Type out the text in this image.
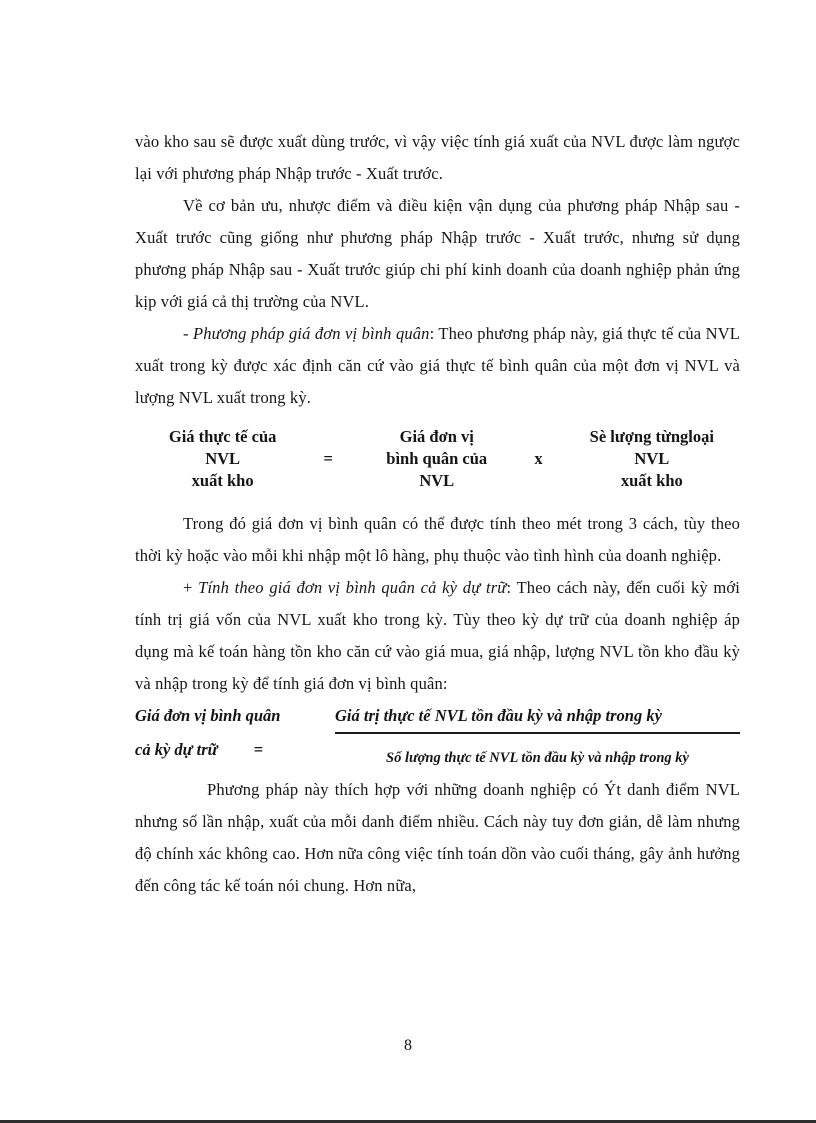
vào kho sau sẽ được xuất dùng trước, vì vậy việc tính giá xuất của NVL được làm ngược lại với phương pháp Nhập trước - Xuất trước.

Về cơ bản ưu, nhược điểm và điều kiện vận dụng của phương pháp Nhập sau - Xuất trước cũng giống như phương pháp Nhập trước - Xuất trước, nhưng sử dụng phương pháp Nhập sau - Xuất trước giúp chi phí kinh doanh của doanh nghiệp phản ứng kịp với giá cả thị trường của NVL.

- Phương pháp giá đơn vị bình quân: Theo phương pháp này, giá thực tế của NVL xuất trong kỳ được xác định căn cứ vào giá thực tế bình quân của một đơn vị NVL và lượng NVL xuất trong kỳ.

Giá thực tế của
NVL
xuất kho
=
Giá đơn vị
bình quân của
NVL
x
Sè lượng từngloại
NVL
xuất kho

Trong đó giá đơn vị bình quân có thể được tính theo mét trong 3 cách, tùy theo thời kỳ hoặc vào mỗi khi nhập một lô hàng, phụ thuộc vào tình hình của doanh nghiệp.

+ Tính theo giá đơn vị bình quân cả kỳ dự trữ: Theo cách này, đến cuối kỳ mới tính trị giá vốn của NVL xuất kho trong kỳ. Tùy theo kỳ dự trữ của doanh nghiệp áp dụng mà kế toán hàng tồn kho căn cứ vào giá mua, giá nhập, lượng NVL tồn kho đầu kỳ và nhập trong kỳ để tính giá đơn vị bình quân:

Giá đơn vị bình quân
cả kỳ dự trữ =	$\frac{\text{Giá trị thực tế NVL tồn đầu kỳ và nhập trong kỳ}}{\text{Số lượng thực tế NVL tồn đầu kỳ và nhập trong kỳ}}$

Phương pháp này thích hợp với những doanh nghiệp có Ýt danh điểm NVL nhưng số lần nhập, xuất của mỗi danh điểm nhiều. Cách này tuy đơn giản, dễ làm nhưng độ chính xác không cao. Hơn nữa công việc tính toán dồn vào cuối tháng, gây ảnh hưởng đến công tác kế toán nói chung. Hơn nữa,

8
